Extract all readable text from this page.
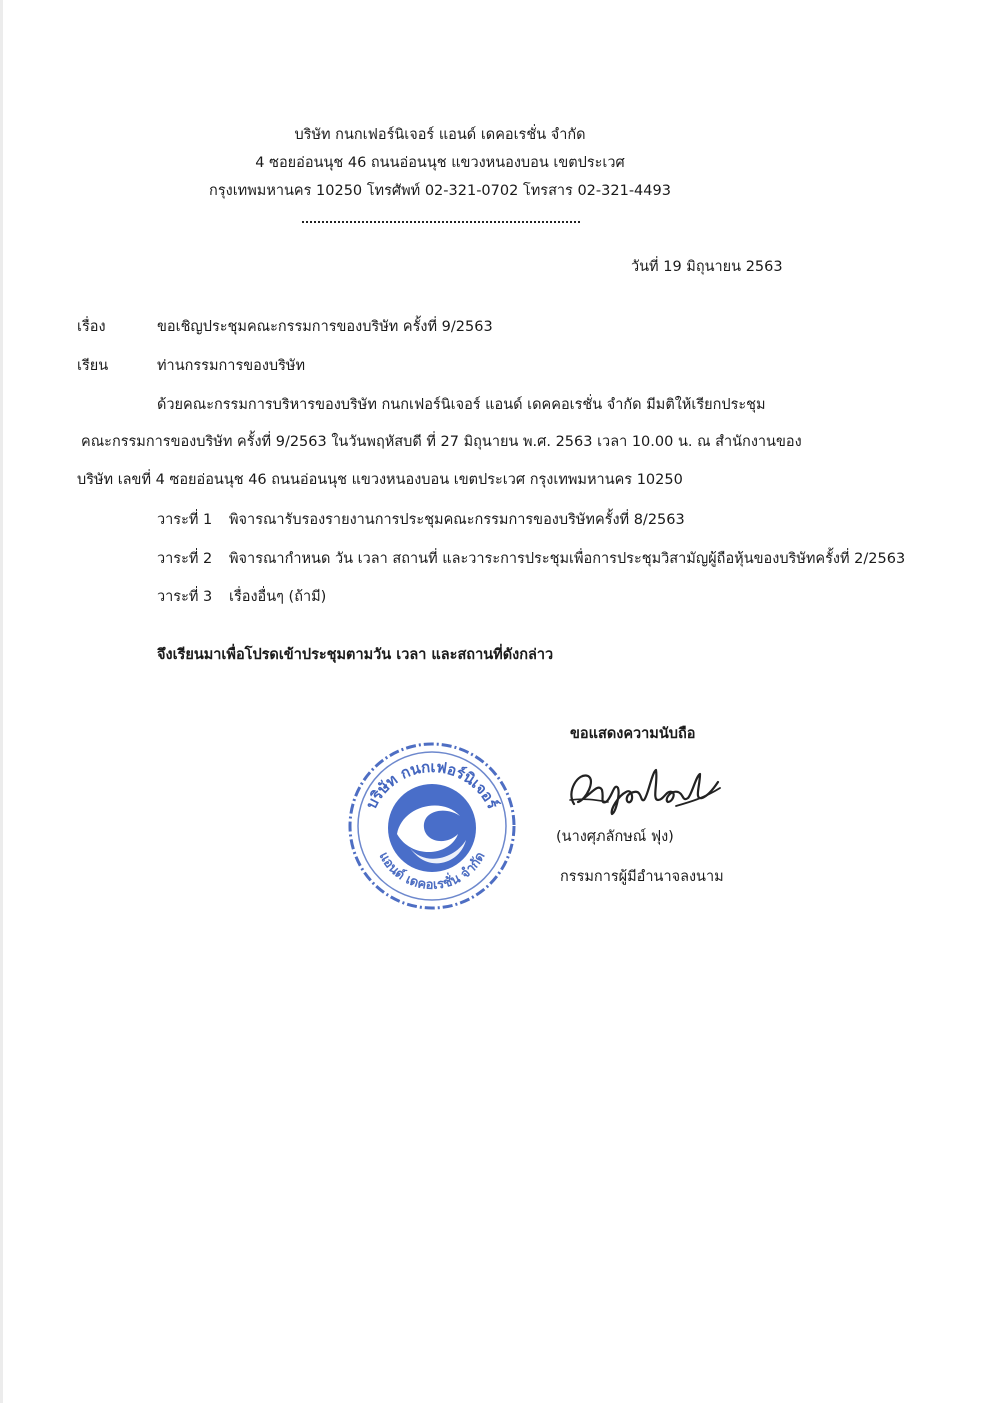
บริษัท กนกเฟอร์นิเจอร์ แอนด์ เดคอเรชั่น จำกัด
4 ซอยอ่อนนุช 46 ถนนอ่อนนุช แขวงหนองบอน เขตประเวศ
กรุงเทพมหานคร 10250 โทรศัพท์ 02-321-0702 โทรสาร 02-321-4493
วันที่ 19 มิถุนายน 2563
เรื่อง	ขอเชิญประชุมคณะกรรมการของบริษัท ครั้งที่ 9/2563
เรียน	ท่านกรรมการของบริษัท
ด้วยคณะกรรมการบริหารของบริษัท กนกเฟอร์นิเจอร์ แอนด์ เดคคอเรชั่น จำกัด มีมติให้เรียกประชุม
คณะกรรมการของบริษัท ครั้งที่ 9/2563 ในวันพฤหัสบดี ที่ 27 มิถุนายน พ.ศ. 2563 เวลา 10.00 น. ณ สำนักงานของ
บริษัท เลขที่ 4 ซอยอ่อนนุช 46 ถนนอ่อนนุช แขวงหนองบอน เขตประเวศ กรุงเทพมหานคร 10250
วาระที่ 1 พิจารณารับรองรายงานการประชุมคณะกรรมการของบริษัทครั้งที่ 8/2563
วาระที่ 2 พิจารณากำหนด วัน เวลา สถานที่ และวาระการประชุมเพื่อการประชุมวิสามัญผู้ถือหุ้นของบริษัทครั้งที่ 2/2563
วาระที่ 3 เรื่องอื่นๆ (ถ้ามี)
จึงเรียนมาเพื่อโปรดเข้าประชุมตามวัน เวลา และสถานที่ดังกล่าว
ขอแสดงความนับถือ
บริษัท กนกเฟอร์นิเจอร์
แอนด์ เดคอเรชั่น จำกัด
(นางศุภลักษณ์ ฟุง)
กรรมการผู้มีอำนาจลงนาม
